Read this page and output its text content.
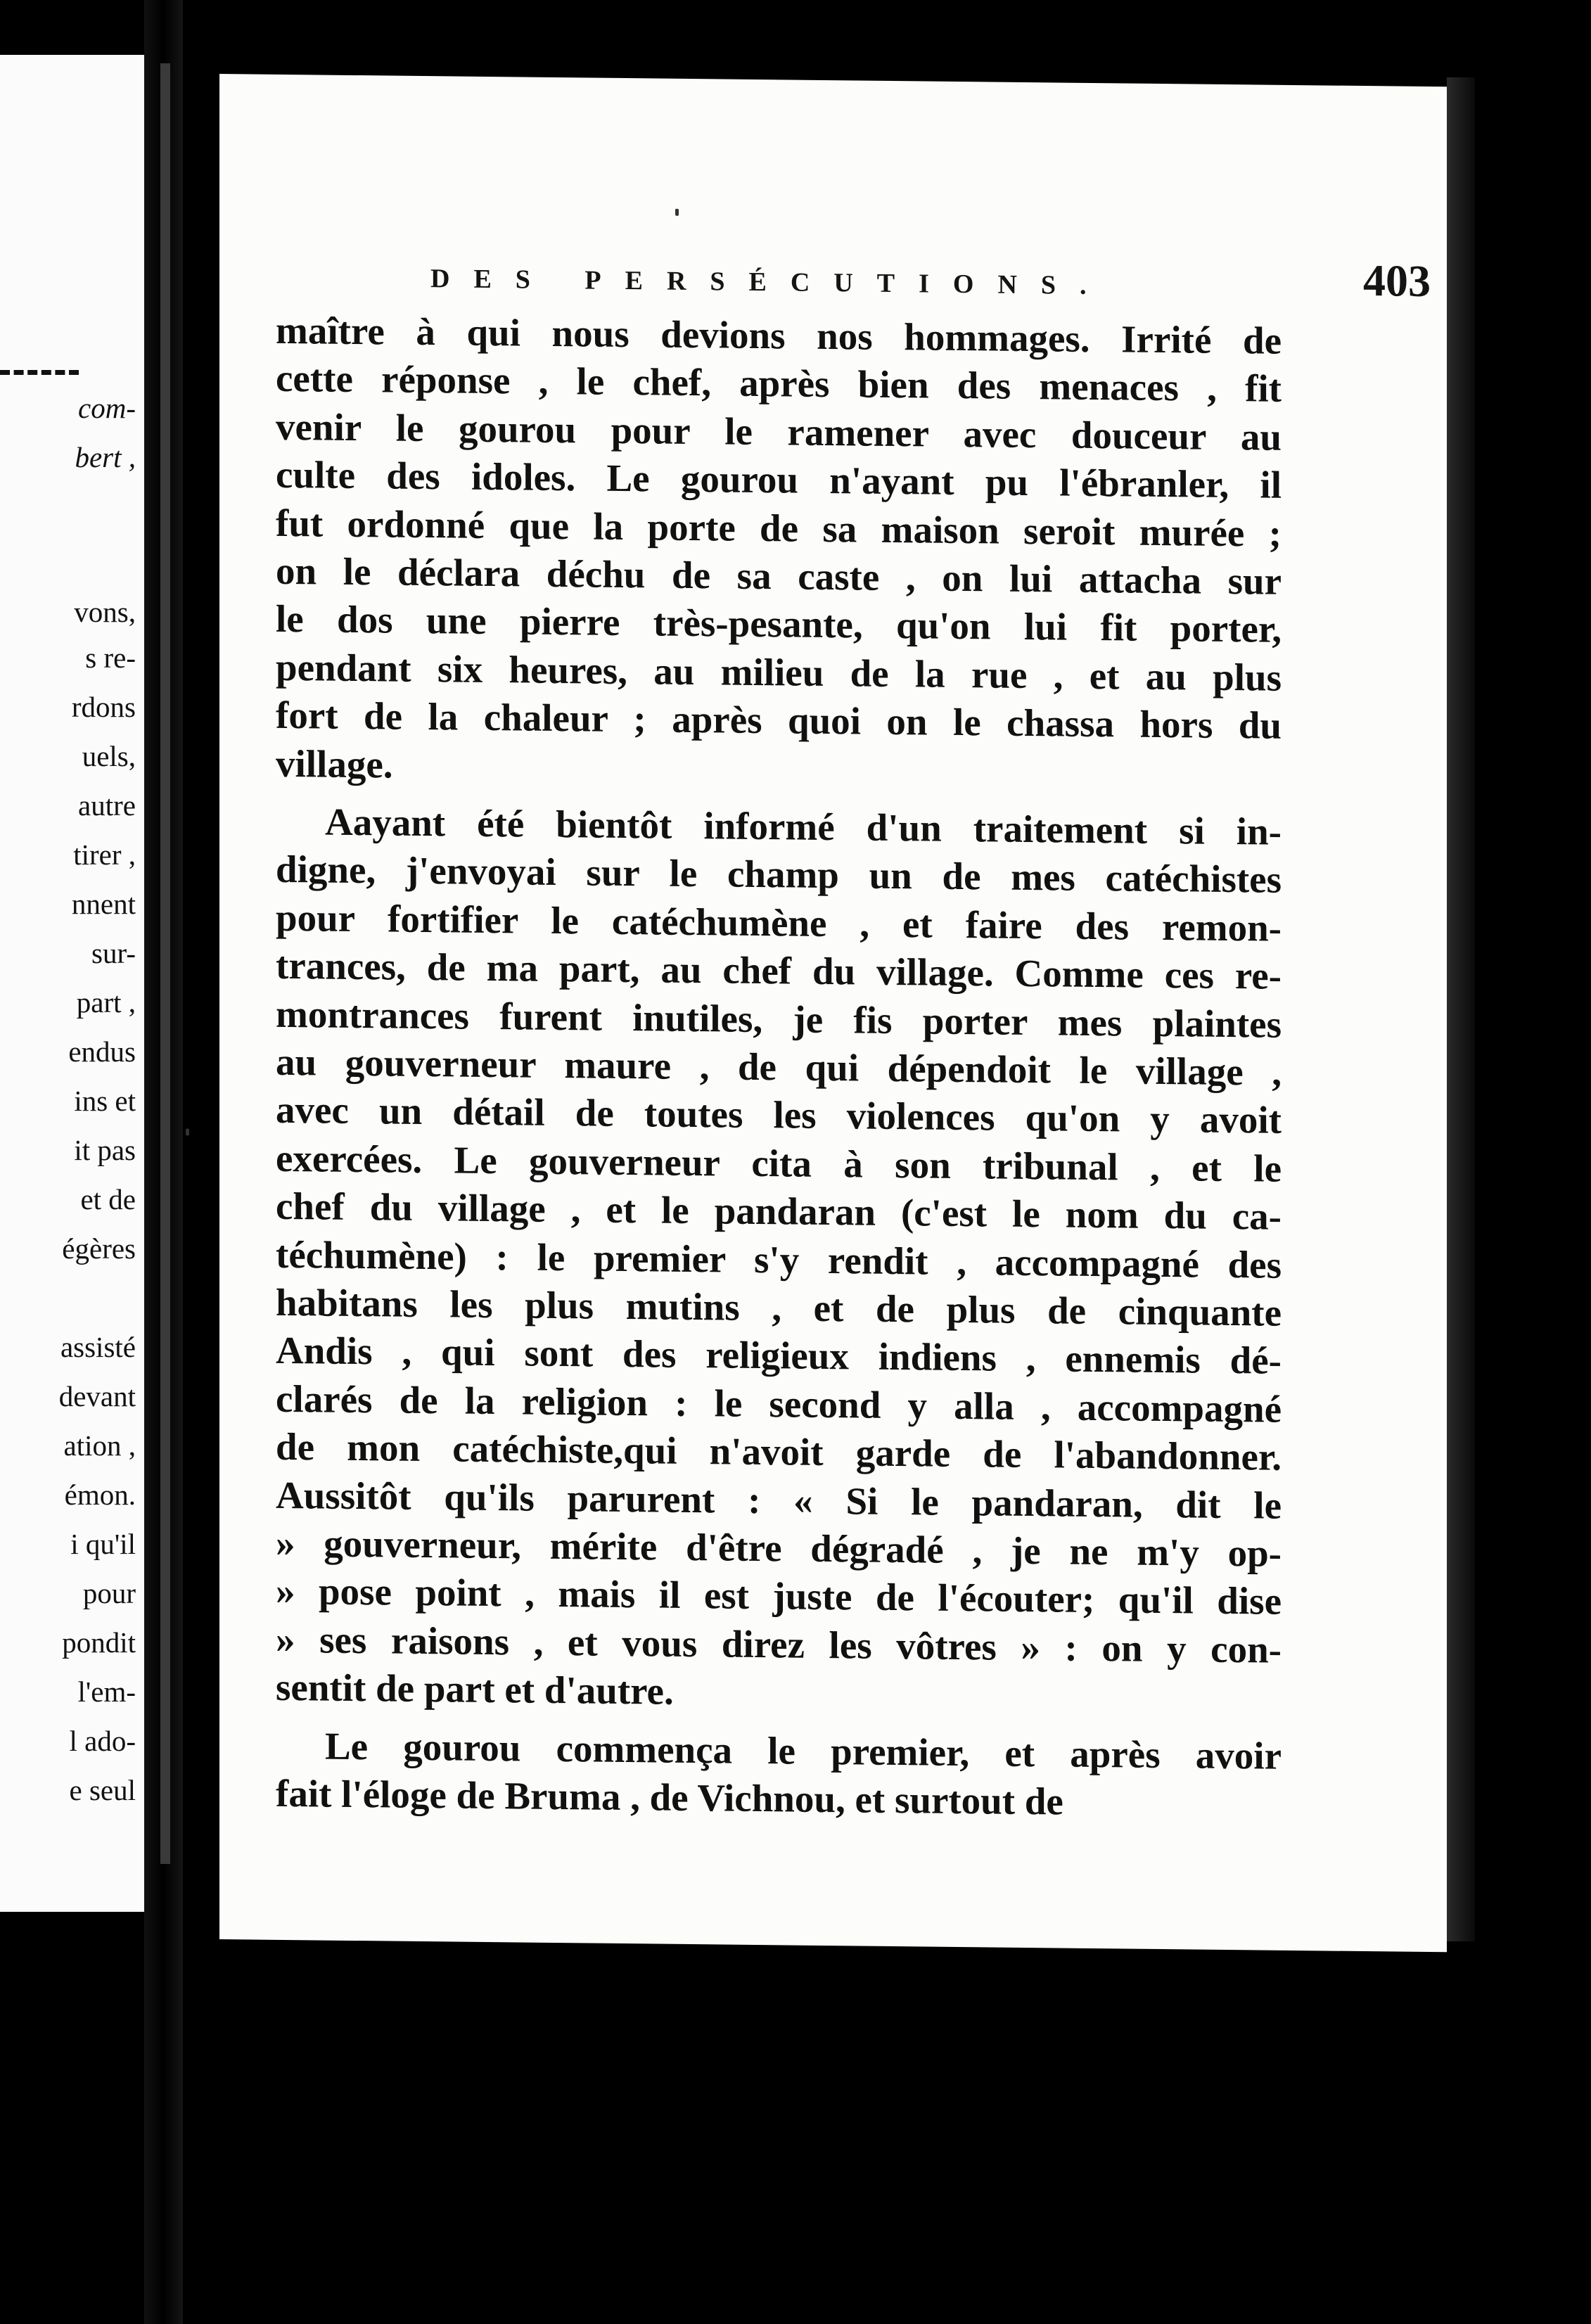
com-
bert ,
vons,
s re-
rdons
uels,
autre
tirer ,
nnent
sur-
part ,
endus
ins et
it pas
et de
égères
assisté
devant
ation ,
émon.
i qu'il
pour
pondit
l'em-
l ado-
e seul
DES PERSÉCUTIONS.	403
maître à qui nous devions nos hommages. Irrité de
cette réponse , le chef, après bien des menaces , fit
venir le gourou pour le ramener avec douceur au
culte des idoles. Le gourou n'ayant pu l'ébranler, il
fut ordonné que la porte de sa maison seroit murée ;
on le déclara déchu de sa caste , on lui attacha sur
le dos une pierre très-pesante, qu'on lui fit porter,
pendant six heures, au milieu de la rue , et au plus
fort de la chaleur ; après quoi on le chassa hors du
village.
Aayant été bientôt informé d'un traitement si in-
digne, j'envoyai sur le champ un de mes catéchistes
pour fortifier le catéchumène , et faire des remon-
trances, de ma part, au chef du village. Comme ces re-
montrances furent inutiles, je fis porter mes plaintes
au gouverneur maure , de qui dépendoit le village ,
avec un détail de toutes les violences qu'on y avoit
exercées. Le gouverneur cita à son tribunal , et le
chef du village , et le pandaran (c'est le nom du ca-
téchumène) : le premier s'y rendit , accompagné des
habitans les plus mutins , et de plus de cinquante
Andis , qui sont des religieux indiens , ennemis dé-
clarés de la religion : le second y alla , accompagné
de mon catéchiste,qui n'avoit garde de l'abandonner.
Aussitôt qu'ils parurent : « Si le pandaran, dit le
» gouverneur, mérite d'être dégradé , je ne m'y op-
» pose point , mais il est juste de l'écouter; qu'il dise
» ses raisons , et vous direz les vôtres » : on y con-
sentit de part et d'autre.
Le gourou commença le premier, et après avoir
fait l'éloge de Bruma , de Vichnou, et surtout de
